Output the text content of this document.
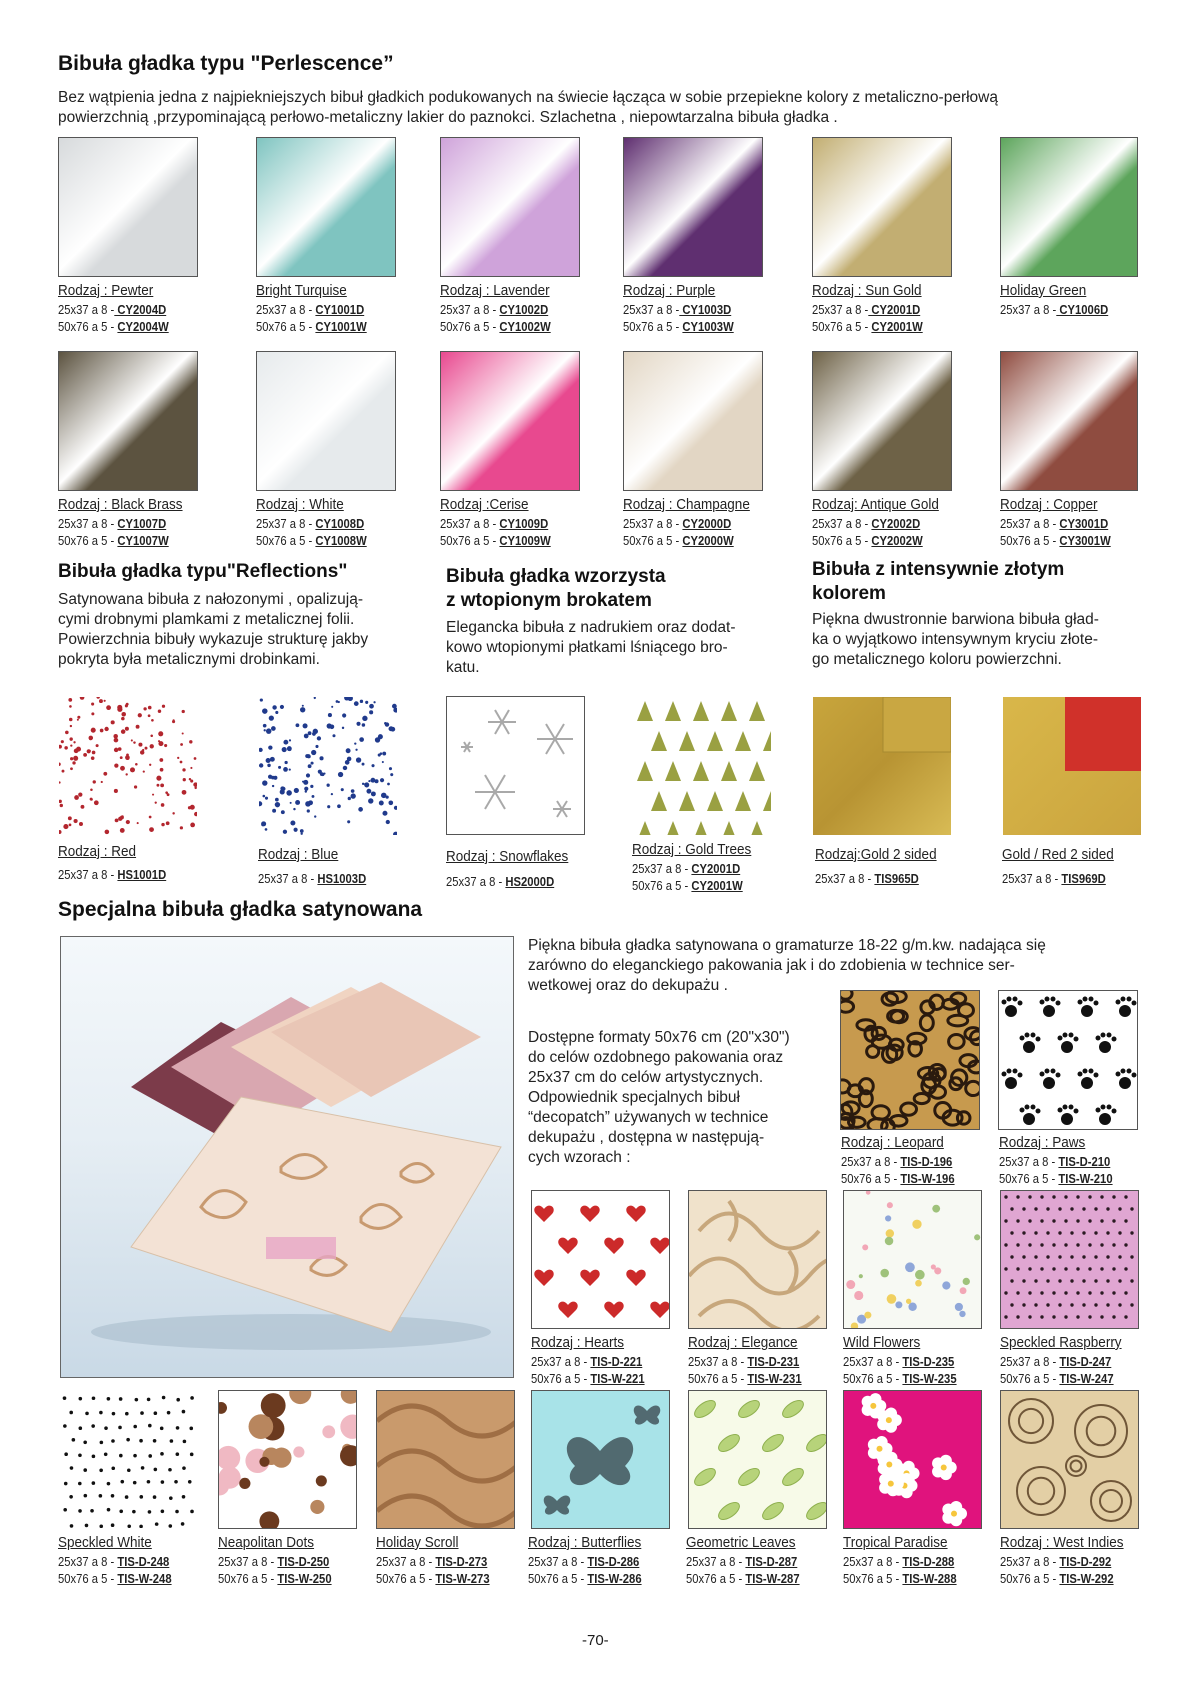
Bibuła gładka typu "Perlescence”
Bez wątpienia jedna z najpiekniejszych bibuł gładkich podukowanych na świecie łącząca w sobie przepiekne kolory z metaliczno-perłową
powierzchnią ,przypominającą perłowo-metaliczny lakier do paznokci. Szlachetna , niepowtarzalna bibuła gładka .
Rodzaj : Pewter
25x37 a 8 - CY2004D
50x76 a 5 - CY2004W
Bright Turquise
25x37 a 8 - CY1001D
50x76 a 5 - CY1001W
Rodzaj : Lavender
25x37 a 8 - CY1002D
50x76 a 5 - CY1002W
Rodzaj : Purple
25x37 a 8 - CY1003D
50x76 a 5 - CY1003W
Rodzaj : Sun Gold
25x37 a 8 - CY2001D
50x76 a 5 - CY2001W
Holiday Green
25x37 a 8 - CY1006D
Rodzaj : Black Brass
25x37 a 8 - CY1007D
50x76 a 5 - CY1007W
Rodzaj : White
25x37 a 8 - CY1008D
50x76 a 5 - CY1008W
Rodzaj :Cerise
25x37 a 8 - CY1009D
50x76 a 5 - CY1009W
Rodzaj : Champagne
25x37 a 8 - CY2000D
50x76 a 5 - CY2000W
Rodzaj: Antique Gold
25x37 a 8 - CY2002D
50x76 a 5 - CY2002W
Rodzaj : Copper
25x37 a 8 - CY3001D
50x76 a 5 - CY3001W
Bibuła gładka typu"Reflections"
Satynowana bibuła z nałozonymi , opalizują-
cymi drobnymi plamkami z metalicznej folii.
Powierzchnia bibuły wykazuje strukturę jakby
pokryta była metalicznymi drobinkami.
Bibuła gładka wzorzysta
z wtopionym brokatem
Elegancka bibuła z nadrukiem oraz dodat-
kowo wtopionymi płatkami lśniącego bro-
katu.
Bibuła z intensywnie złotym
kolorem
Piękna dwustronnie barwiona bibuła gład-
ka o wyjątkowo intensywnym kryciu złote-
go metalicznego koloru powierzchni.
Rodzaj : Red
25x37 a 8 - HS1001D
Rodzaj : Blue
25x37 a 8 - HS1003D
Rodzaj : Snowflakes
25x37 a 8 - HS2000D
Rodzaj : Gold Trees
25x37 a 8 - CY2001D
50x76 a 5 - CY2001W
Rodzaj:Gold 2 sided
25x37 a 8 - TIS965D
Gold / Red 2 sided
25x37 a 8 - TIS969D
Specjalna bibuła gładka satynowana
Piękna bibuła gładka satynowana o gramaturze 18-22 g/m.kw. nadająca się
zarówno do eleganckiego pakowania jak i do zdobienia w technice ser-
wetkowej oraz do dekupażu .
Dostępne formaty 50x76 cm (20"x30")
do celów ozdobnego pakowania oraz
25x37 cm do celów artystycznych.
Odpowiednik specjalnych bibuł
“decopatch” używanych w technice
dekupażu , dostępna w następują-
cych wzorach :
Rodzaj : Leopard
25x37 a 8 - TIS-D-196
50x76 a 5 - TIS-W-196
Rodzaj : Paws
25x37 a 8 - TIS-D-210
50x76 a 5 - TIS-W-210
Rodzaj : Hearts
25x37 a 8 - TIS-D-221
50x76 a 5 - TIS-W-221
Rodzaj : Elegance
25x37 a 8 - TIS-D-231
50x76 a 5 - TIS-W-231
Wild Flowers
25x37 a 8 - TIS-D-235
50x76 a 5 - TIS-W-235
Speckled Raspberry
25x37 a 8 - TIS-D-247
50x76 a 5 - TIS-W-247
Speckled White
25x37 a 8 - TIS-D-248
50x76 a 5 - TIS-W-248
Neapolitan Dots
25x37 a 8 - TIS-D-250
50x76 a 5 - TIS-W-250
Holiday Scroll
25x37 a 8 - TIS-D-273
50x76 a 5 - TIS-W-273
Rodzaj : Butterflies
25x37 a 8 - TIS-D-286
50x76 a 5 - TIS-W-286
Geometric Leaves
25x37 a 8 - TIS-D-287
50x76 a 5 - TIS-W-287
Tropical Paradise
25x37 a 8 - TIS-D-288
50x76 a 5 - TIS-W-288
Rodzaj : West Indies
25x37 a 8 - TIS-D-292
50x76 a 5 - TIS-W-292
-70-
